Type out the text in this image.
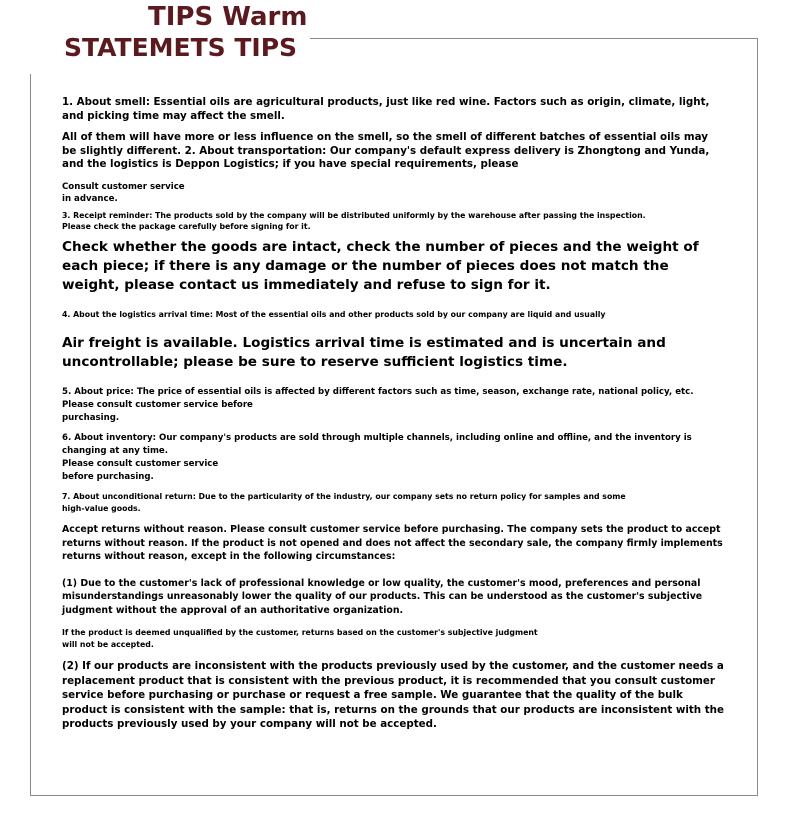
TIPS Warm
STATEMETS TIPS

1. About smell: Essential oils are agricultural products, just like red wine. Factors such as origin, climate, light, and picking time may affect the smell.

All of them will have more or less influence on the smell, so the smell of different batches of essential oils may be slightly different. 2. About transportation: Our company's default express delivery is Zhongtong and Yunda, and the logistics is Deppon Logistics; if you have special requirements, please

Consult customer service

in advance.

3. Receipt reminder: The products sold by the company will be distributed uniformly by the warehouse after passing the inspection.

Please check the package carefully before signing for it.

Check whether the goods are intact, check the number of pieces and the weight of each piece; if there is any damage or the number of pieces does not match the weight, please contact us immediately and refuse to sign for it.

4. About the logistics arrival time: Most of the essential oils and other products sold by our company are liquid and usually

Air freight is available. Logistics arrival time is estimated and is uncertain and uncontrollable; please be sure to reserve sufficient logistics time.

5. About price: The price of essential oils is affected by different factors such as time, season, exchange rate, national policy, etc.

Please consult customer service before

purchasing.

6. About inventory: Our company's products are sold through multiple channels, including online and offline, and the inventory is changing at any time.

Please consult customer service

before purchasing.

7. About unconditional return: Due to the particularity of the industry, our company sets no return policy for samples and some

high-value goods.

Accept returns without reason. Please consult customer service before purchasing. The company sets the product to accept returns without reason. If the product is not opened and does not affect the secondary sale, the company firmly implements returns without reason, except in the following circumstances:

(1) Due to the customer's lack of professional knowledge or low quality, the customer's mood, preferences and personal misunderstandings unreasonably lower the quality of our products. This can be understood as the customer's subjective judgment without the approval of an authoritative organization.

If the product is deemed unqualified by the customer, returns based on the customer's subjective judgment

will not be accepted.

(2) If our products are inconsistent with the products previously used by the customer, and the customer needs a replacement product that is consistent with the previous product, it is recommended that you consult customer service before purchasing or purchase or request a free sample. We guarantee that the quality of the bulk product is consistent with the sample: that is, returns on the grounds that our products are inconsistent with the products previously used by your company will not be accepted.
